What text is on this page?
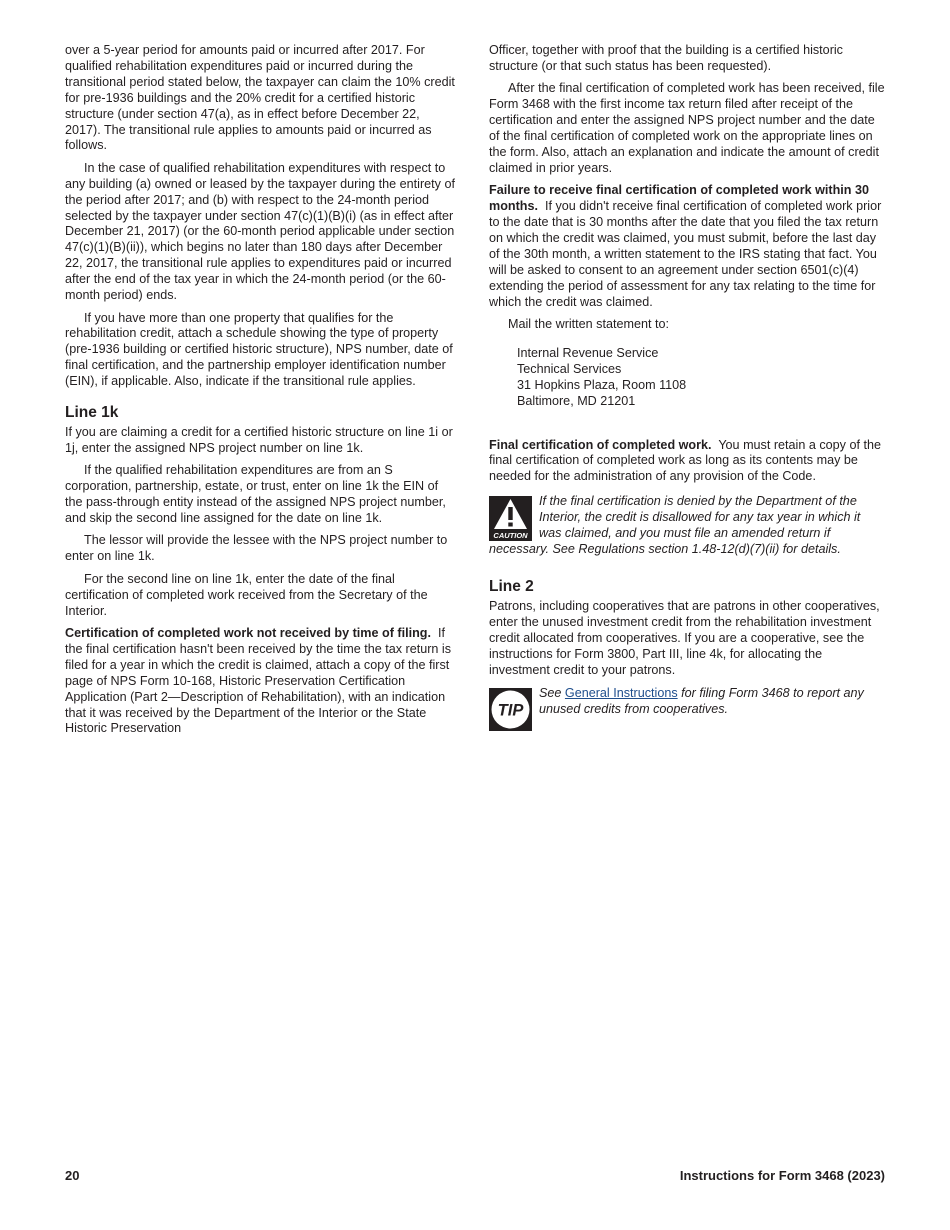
over a 5-year period for amounts paid or incurred after 2017. For qualified rehabilitation expenditures paid or incurred during the transitional period stated below, the taxpayer can claim the 10% credit for pre-1936 buildings and the 20% credit for a certified historic structure (under section 47(a), as in effect before December 22, 2017). The transitional rule applies to amounts paid or incurred as follows.

In the case of qualified rehabilitation expenditures with respect to any building (a) owned or leased by the taxpayer during the entirety of the period after 2017; and (b) with respect to the 24-month period selected by the taxpayer under section 47(c)(1)(B)(i) (as in effect after December 21, 2017) (or the 60-month period applicable under section 47(c)(1)(B)(ii)), which begins no later than 180 days after December 22, 2017, the transitional rule applies to expenditures paid or incurred after the end of the tax year in which the 24-month period (or the 60-month period) ends.

If you have more than one property that qualifies for the rehabilitation credit, attach a schedule showing the type of property (pre-1936 building or certified historic structure), NPS number, date of final certification, and the partnership employer identification number (EIN), if applicable. Also, indicate if the transitional rule applies.

Line 1k

If you are claiming a credit for a certified historic structure on line 1i or 1j, enter the assigned NPS project number on line 1k.

If the qualified rehabilitation expenditures are from an S corporation, partnership, estate, or trust, enter on line 1k the EIN of the pass-through entity instead of the assigned NPS project number, and skip the second line assigned for the date on line 1k.

The lessor will provide the lessee with the NPS project number to enter on line 1k.

For the second line on line 1k, enter the date of the final certification of completed work received from the Secretary of the Interior.

Certification of completed work not received by time of filing. If the final certification hasn't been received by the time the tax return is filed for a year in which the credit is claimed, attach a copy of the first page of NPS Form 10-168, Historic Preservation Certification Application (Part 2—Description of Rehabilitation), with an indication that it was received by the Department of the Interior or the State Historic Preservation

Officer, together with proof that the building is a certified historic structure (or that such status has been requested).

After the final certification of completed work has been received, file Form 3468 with the first income tax return filed after receipt of the certification and enter the assigned NPS project number and the date of the final certification of completed work on the appropriate lines on the form. Also, attach an explanation and indicate the amount of credit claimed in prior years.

Failure to receive final certification of completed work within 30 months. If you didn't receive final certification of completed work prior to the date that is 30 months after the date that you filed the tax return on which the credit was claimed, you must submit, before the last day of the 30th month, a written statement to the IRS stating that fact. You will be asked to consent to an agreement under section 6501(c)(4) extending the period of assessment for any tax relating to the time for which the credit was claimed.

Mail the written statement to:

Internal Revenue Service
Technical Services
31 Hopkins Plaza, Room 1108
Baltimore, MD 21201

Final certification of completed work. You must retain a copy of the final certification of completed work as long as its contents may be needed for the administration of any provision of the Code.

CAUTION
If the final certification is denied by the Department of the Interior, the credit is disallowed for any tax year in which it was claimed, and you must file an amended return if necessary. See Regulations section 1.48-12(d)(7)(ii) for details.
Line 2

Patrons, including cooperatives that are patrons in other cooperatives, enter the unused investment credit from the rehabilitation investment credit allocated from cooperatives. If you are a cooperative, see the instructions for Form 3800, Part III, line 4k, for allocating the investment credit to your patrons.

TIP
See General Instructions for filing Form 3468 to report any unused credits from cooperatives.
20	Instructions for Form 3468 (2023)
